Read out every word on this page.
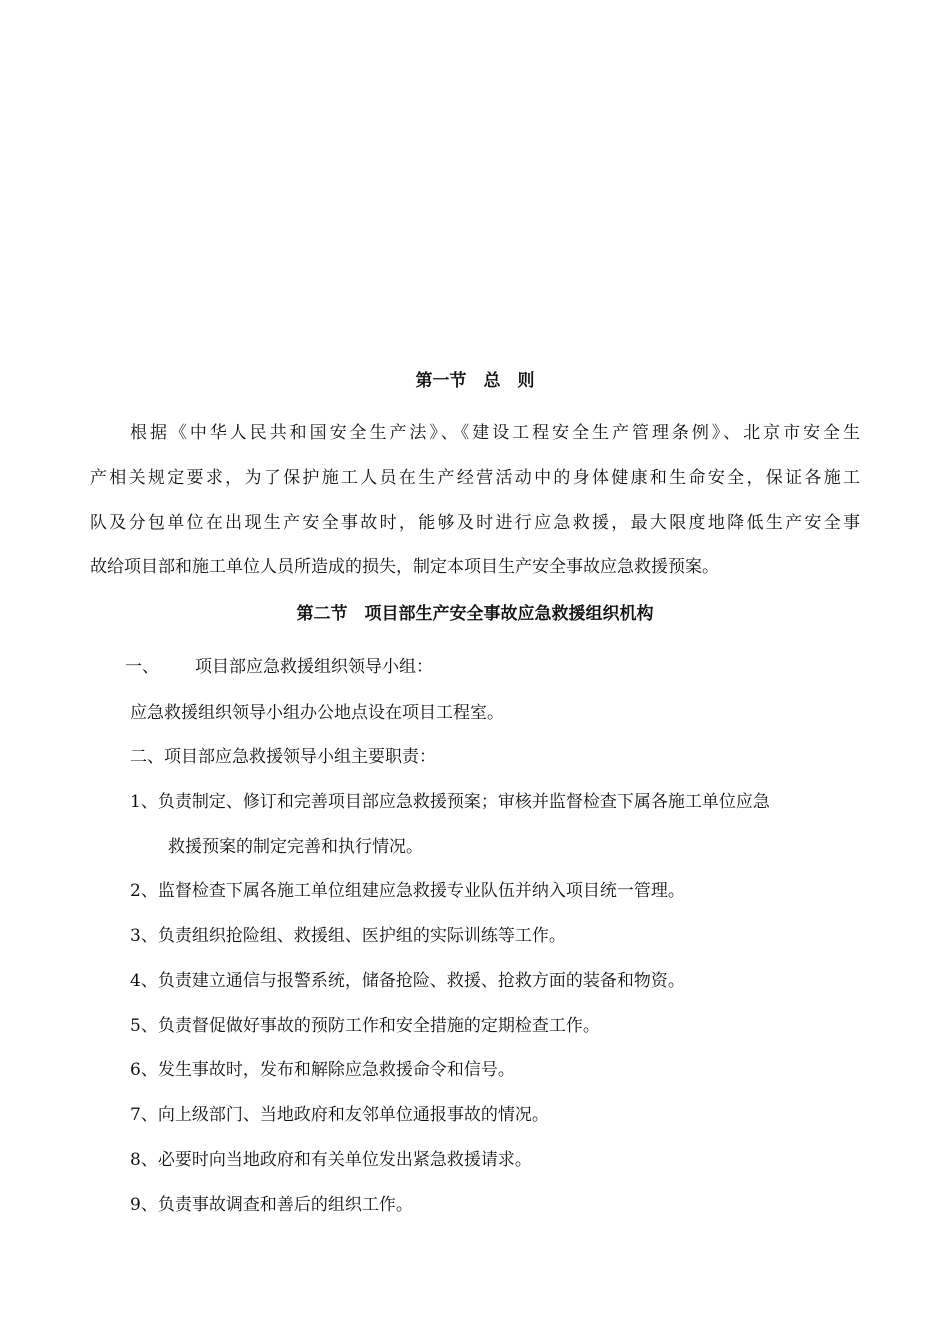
第一节　总　则
根据《中华人民共和国安全生产法》、《建设工程安全生产管理条例》、北京市安全生
产相关规定要求，为了保护施工人员在生产经营活动中的身体健康和生命安全，保证各施工
队及分包单位在出现生产安全事故时，能够及时进行应急救援，最大限度地降低生产安全事
故给项目部和施工单位人员所造成的损失，制定本项目生产安全事故应急救援预案。
第二节　项目部生产安全事故应急救援组织机构
一、 项目部应急救援组织领导小组：
应急救援组织领导小组办公地点设在项目工程室。
二、项目部应急救援领导小组主要职责：
1、负责制定、修订和完善项目部应急救援预案；审核并监督检查下属各施工单位应急
救援预案的制定完善和执行情况。
2、监督检查下属各施工单位组建应急救援专业队伍并纳入项目统一管理。
3、负责组织抢险组、救援组、医护组的实际训练等工作。
4、负责建立通信与报警系统，储备抢险、救援、抢救方面的装备和物资。
5、负责督促做好事故的预防工作和安全措施的定期检查工作。
6、发生事故时，发布和解除应急救援命令和信号。
7、向上级部门、当地政府和友邻单位通报事故的情况。
8、必要时向当地政府和有关单位发出紧急救援请求。
9、负责事故调查和善后的组织工作。
